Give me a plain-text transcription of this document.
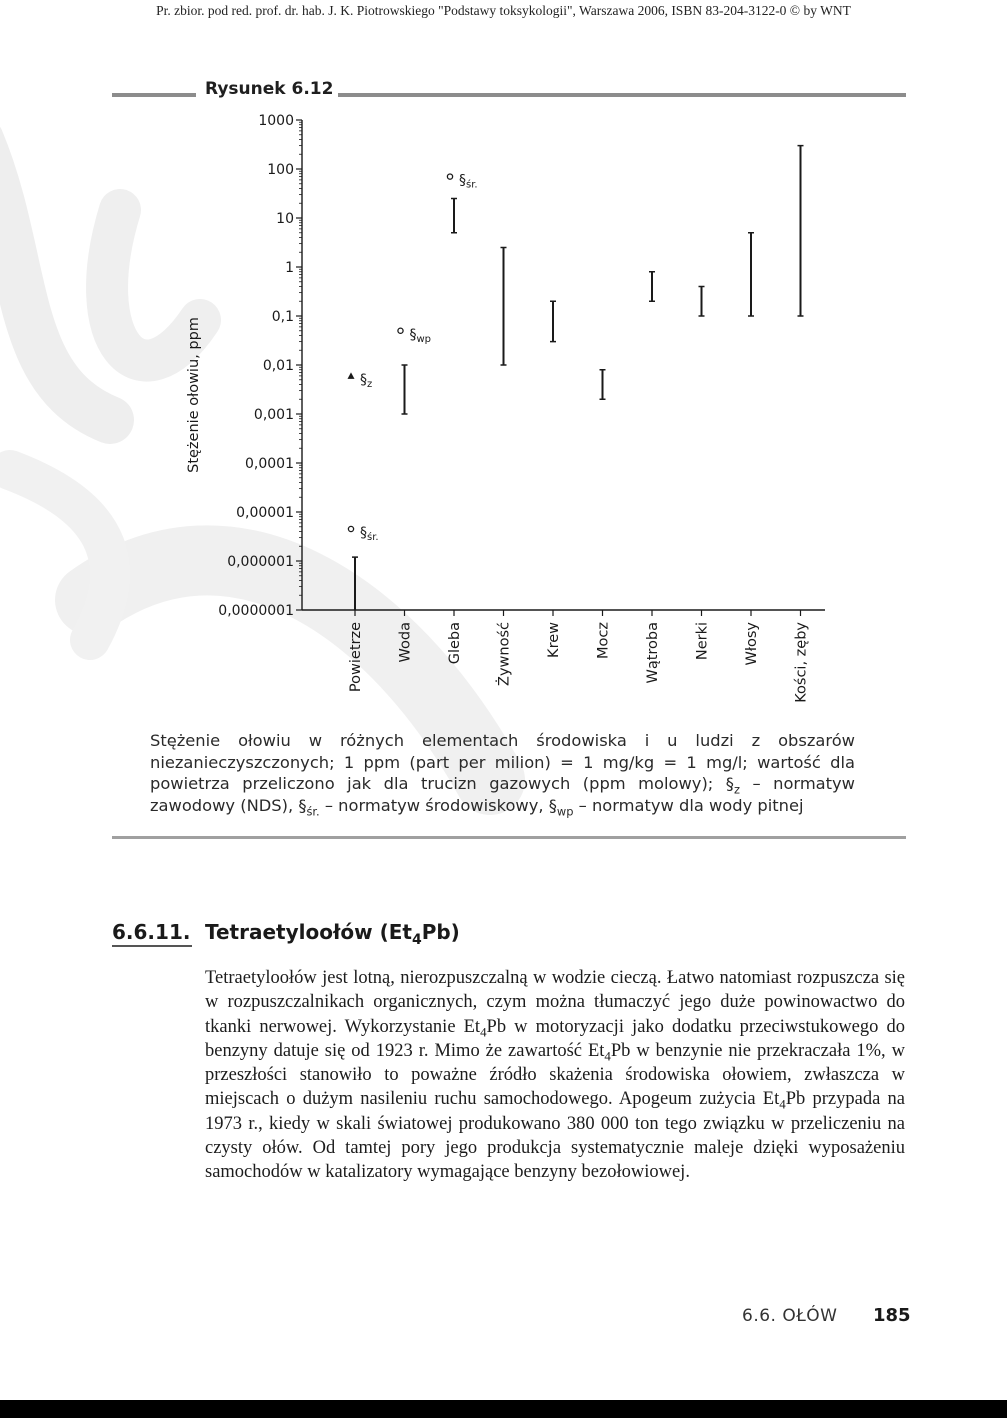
Pr. zbior. pod red. prof. dr. hab. J. K. Piotrowskiego "Podstawy toksykologii", Warszawa 2006, ISBN 83-204-3122-0 © by WNT
Rysunek 6.12
1000
100
10
1
0,1
0,01
0,001
0,0001
0,00001
0,000001
0,0000001
Stężenie ołowiu, ppm
Powietrze Woda Gleba Żywność Krew Mocz Wątroba Nerki Włosy Kości, zęby
$\S_z$
$\S_{śr.}$
$\S_{wp}$
$\S_{śr.}$
Stężenie ołowiu w różnych elementach środowiska i u ludzi z obszarów niezanieczyszczonych; 1 ppm (part per milion) = 1 mg/kg = 1 mg/l; wartość dla powietrza przeliczono jak dla trucizn gazowych (ppm molowy); $\S_z$ – normatyw zawodowy (NDS), $\S_{śr.}$ – normatyw środowiskowy, $\S_{wp}$ – normatyw dla wody pitnej
6.6.11. Tetraetyloołów $(Et_4Pb)$
Tetraetyloołów jest lotną, nierozpuszczalną w wodzie cieczą. Łatwo natomiast rozpuszcza się w rozpuszczalnikach organicznych, czym można tłumaczyć jego duże powinowactwo do tkanki nerwowej. Wykorzystanie $Et_4Pb$ w motoryzacji jako dodatku przeciwstukowego do benzyny datuje się od 1923 r. Mimo że zawartość $Et_4Pb$ w benzynie nie przekraczała 1%, w przeszłości stanowiło to poważne źródło skażenia środowiska ołowiem, zwłaszcza w miejscach o dużym nasileniu ruchu samochodowego. Apogeum zużycia $Et_4Pb$ przypada na 1973 r., kiedy w skali światowej produkowano 380 000 ton tego związku w przeliczeniu na czysty ołów. Od tamtej pory jego produkcja systematycznie maleje dzięki wyposażeniu samochodów w katalizatory wymagające benzyny bezołowiowej.
6.6. OŁÓW 185
